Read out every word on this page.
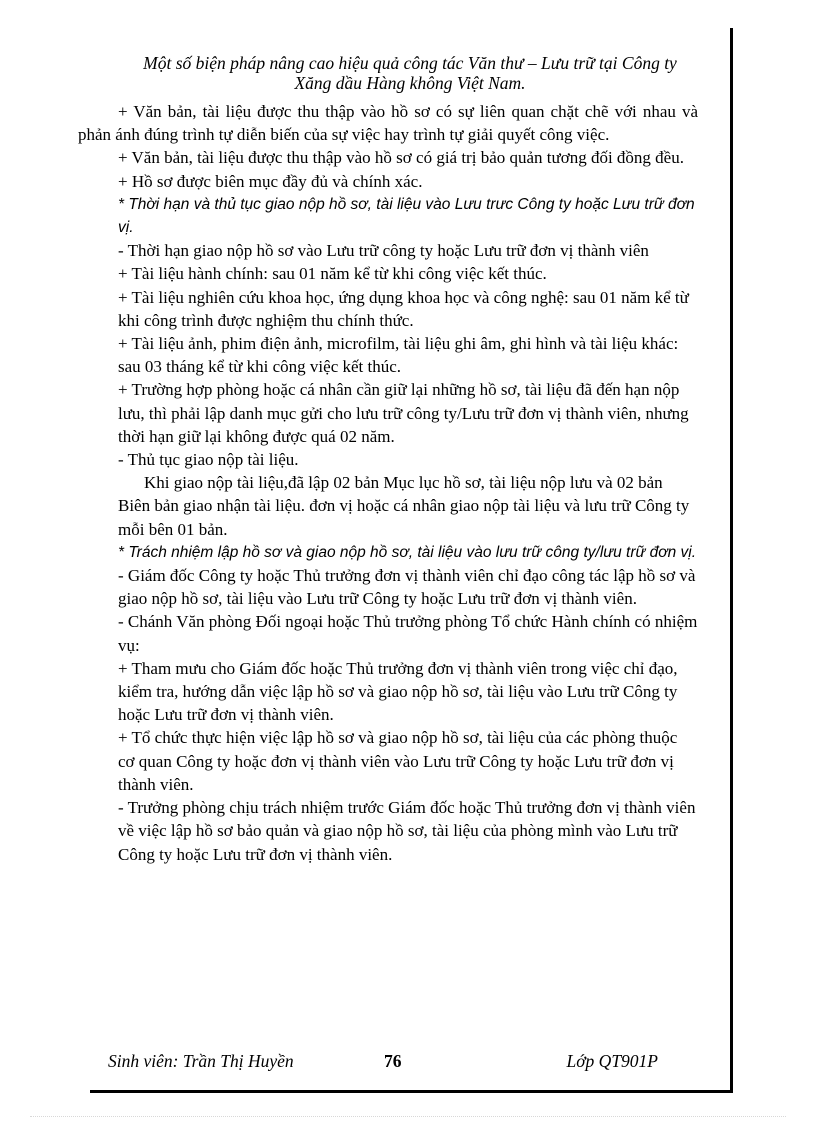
Một số biện pháp nâng cao hiệu quả công tác Văn thư – Lưu trữ tại Công ty
Xăng dầu Hàng không Việt Nam.

+ Văn bản, tài liệu được thu thập vào hồ sơ có sự liên quan chặt chẽ với nhau và phản ánh đúng trình tự diễn biến của sự việc hay trình tự giải quyết công việc.

+ Văn bản, tài liệu được thu thập vào hồ sơ có giá trị bảo quản tương đối đồng đều.

+ Hồ sơ được biên mục đầy đủ và chính xác.

* Thời hạn và thủ tục giao nộp hồ sơ, tài liệu vào Lưu trưc Công ty hoặc Lưu trữ đơn vị.

- Thời hạn giao nộp hồ sơ vào Lưu trữ công ty hoặc Lưu trữ đơn vị thành viên

+ Tài liệu hành chính: sau 01 năm kể từ khi công việc kết thúc.

+ Tài liệu nghiên cứu khoa học, ứng dụng khoa học và công nghệ: sau 01 năm kể từ khi công trình được nghiệm thu chính thức.

+ Tài liệu ảnh, phim điện ảnh, microfilm, tài liệu ghi âm, ghi hình và tài liệu khác: sau 03 tháng kể từ khi công việc kết thúc.

+ Trường hợp phòng hoặc cá nhân cần giữ lại những hồ sơ, tài liệu đã đến hạn nộp lưu, thì phải lập danh mục gửi cho lưu trữ công ty/Lưu trữ đơn vị thành viên, nhưng thời hạn giữ lại không được quá 02 năm.

- Thủ tục giao nộp tài liệu.

Khi giao nộp tài liệu,đã lập 02 bản Mục lục hồ sơ, tài liệu nộp lưu và 02 bản Biên bản giao nhận tài liệu. đơn vị hoặc cá nhân giao nộp tài liệu và lưu trữ Công ty mỗi bên 01 bản.

* Trách nhiệm lập hồ sơ và giao nộp hồ sơ, tài liệu vào lưu trữ công ty/lưu trữ đơn vị.

- Giám đốc Công ty hoặc Thủ trưởng đơn vị thành viên chỉ đạo công tác lập hồ sơ và giao nộp hồ sơ, tài liệu vào Lưu trữ Công ty hoặc Lưu trữ đơn vị thành viên.

- Chánh Văn phòng Đối ngoại hoặc Thủ trưởng phòng Tổ chức Hành chính có nhiệm vụ:

+ Tham mưu cho Giám đốc hoặc Thủ trưởng đơn vị thành viên trong việc chỉ đạo, kiểm tra, hướng dẫn việc lập hồ sơ và giao nộp hồ sơ, tài liệu vào Lưu trữ Công ty hoặc Lưu trữ đơn vị thành viên.

+ Tổ chức thực hiện việc lập hồ sơ và giao nộp hồ sơ, tài liệu của các phòng thuộc cơ quan Công ty hoặc đơn vị thành viên vào Lưu trữ Công ty hoặc Lưu trữ đơn vị thành viên.

- Trưởng phòng chịu trách nhiệm trước Giám đốc hoặc Thủ trưởng đơn vị thành viên về việc lập hồ sơ bảo quản và giao nộp hồ sơ, tài liệu của phòng mình vào Lưu trữ Công ty hoặc Lưu trữ đơn vị thành viên.

Sinh viên: Trần Thị Huyền	76	Lớp QT901P
